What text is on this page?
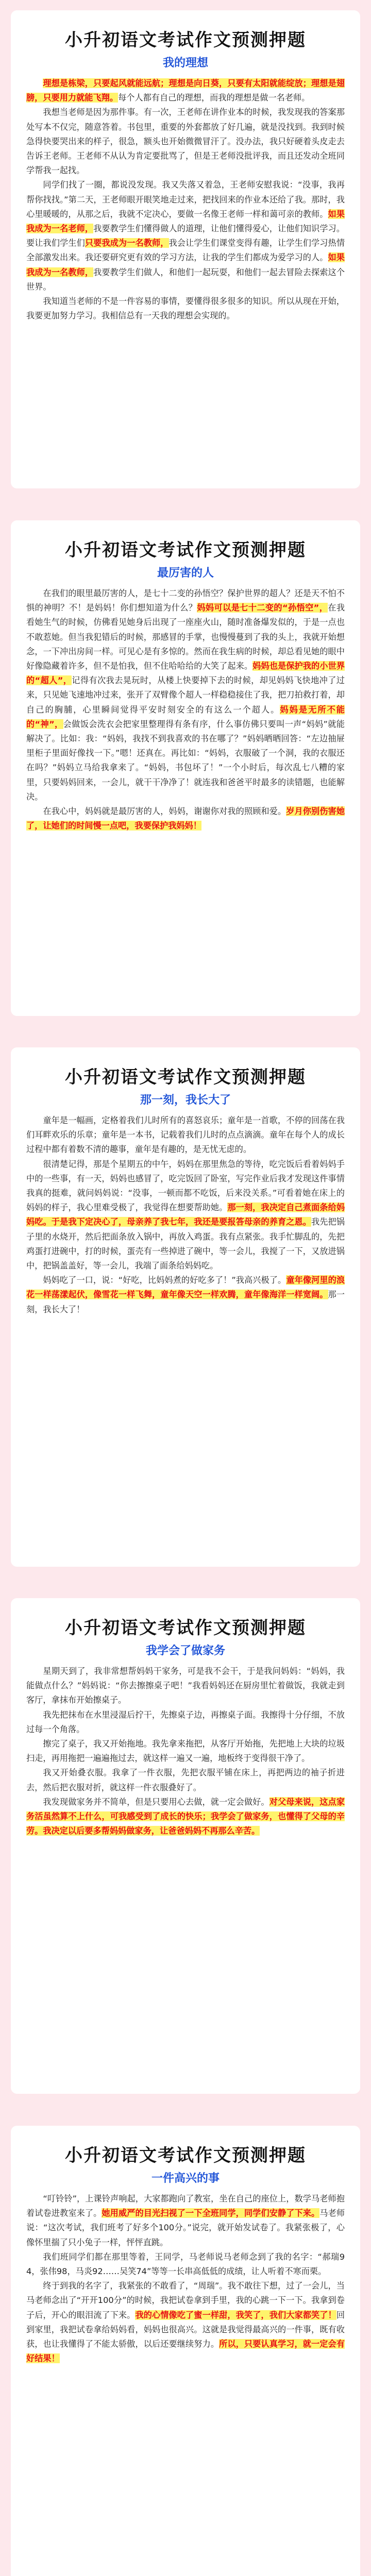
小升初语文考试作文预测押题
我的理想

理想是栋梁，只要起风就能远航；理想是向日葵，只要有太阳就能绽放；理想是翅膀，只要用力就能飞翔。每个人都有自己的理想，而我的理想是做一名老师。

我想当老师是因为那件事。有一次，王老师在讲作业本的时候，我发现我的答案那处写本不仅完，随意答着。书包里，重要的外套都放了好几遍，就是没找到。我到时候急得快要哭出来的样子，很急，额头也开始微微冒汗了。没办法，我只好硬着头皮走去告诉王老师。王老师不从认为肯定要批骂了，但是王老师没批评我，而且还发动全班同学帮我一起找。

同学们找了一圈，都说没发现。我又失落又着急，王老师安慰我说：“没事，我再帮你找找。”第二天，王老师眼开眼笑地走过来，把找回来的作业本还给了我。那时，我心里暖暖的，从那之后，我就不定决心，要做一名像王老师一样和蔼可亲的教师。如果我成为一名老师，我要教学生们懂得做人的道理，让他们懂得爱心，让他们知识学习。要让我们学生们只要我成为一名教师，我会让学生们课堂变得有趣，让学生们学习热情全部激发出来。我还要研究更有效的学习方法，让我的学生们都成为爱学习的人。如果我成为一名教师，我要教学生们做人，和他们一起玩耍，和他们一起去冒险去探索这个世界。

我知道当老师的不是一件容易的事情，要懂得很多很多的知识。所以从现在开始，我要更加努力学习。我相信总有一天我的理想会实现的。

小升初语文考试作文预测押题
最厉害的人

在我们的眼里最厉害的人，是七十二变的孙悟空？保护世界的超人？还是天不怕不惧的神明？不！是妈妈！你们想知道为什么？妈妈可以是七十二变的“孙悟空”，在我看她生气的时候，仿佛看见她身后出现了一座座火山，随时准备爆发似的，于是一点也不敢惹她。但当我犯错后的时候，那感冒的手掌，也慢慢蔓到了我的头上，我就开始想念，一下冲出房间一样。可见心是有多惊的。然而在我生病的时候，却总看见她的眼中好像隐藏着许多，但不是怕我，但不住哈哈给的大笑了起来。妈妈也是保护我的小世界的“超人”，记得有次我去晃玩时，从楼上快要掉下去的时候，却见妈妈飞快地冲了过来，只见她飞速地冲过来，张开了双臂像个超人一样稳稳接住了我，把刀拍救打着，却自己的胸脯，心里瞬间觉得平安时刻安全的有这么一个超人。妈妈是无所不能的“神”，会做饭会洗衣会把家里整理得有条有序，什么事仿佛只要叫一声“妈妈”就能解决了。比如：我：“妈妈，我找不到我喜欢的书在哪了？”妈妈晒晒回答：“左边抽屉里柜子里面好像找一下。”嗯！还真在。再比如：“妈妈，衣服破了一个洞，我的衣服还在吗？”妈妈立马给我拿来了。“妈妈，书包坏了！”一个小时后，每次乱七八糟的家里，只要妈妈回来，一会儿，就干干净净了！就连我和爸爸平时最多的读错题，也能解决。

在我心中，妈妈就是最厉害的人，妈妈，谢谢你对我的照顾和爱。岁月你别伤害她了，让她们的时间慢一点吧，我要保护我妈妈！

小升初语文考试作文预测押题
那一刻，我长大了

童年是一幅画，定格着我们儿时所有的喜怒哀乐；童年是一首歌，不停的回荡在我们耳畔欢乐的乐章；童年是一本书，记载着我们儿时的点点滴滴。童年在每个人的成长过程中都有着数不清的趣事，童年是有趣的，是无忧无虑的。

很清楚记得，那是个星期五的中午，妈妈在那里焦急的等待，吃完饭后看着妈妈手中的一些事，有一天，妈妈也感冒了，吃完饭回了卧室，写完作业后我才发现这件事情我真的挺难，就问妈妈说：“没事，一顿而都不吃饭，后来没关系。”可看着她在床上的妈妈的样子，我心里难受极了，我觉得在想要帮助她。那一刻，我决定自己煮面条给妈妈吃。于是我下定决心了，母亲养了我七年，我还是要报答母亲的养育之恩。我先把锅子里的水烧开，然后把面条放入锅中，再放入鸡蛋。我有点紧张。我手忙脚乱的，先把鸡蛋打进碗中，打的时候，蛋壳有一些掉进了碗中，等一会儿，我搅了一下，又放进锅中，把锅盖盖好，等一会儿，我端了面条给妈妈吃。

妈妈吃了一口，说：“好吃，比妈妈煮的好吃多了！”我高兴极了。童年像河里的浪花一样荡漾起伏，像雪花一样飞舞，童年像天空一样欢腾，童年像海洋一样宽阔。那一刻，我长大了！

小升初语文考试作文预测押题
我学会了做家务

星期天到了，我非常想帮妈妈干家务，可是我不会干，于是我问妈妈：“妈妈，我能做点什么？”妈妈说：“你去擦擦桌子吧！”我看妈妈还在厨房里忙着做饭，我就走到客厅，拿抹布开始擦桌子。

我先把抹布在水里浸湿后拧干，先擦桌子边，再擦桌子面。我擦得十分仔细，不放过每一个角落。

擦完了桌子，我又开始拖地。我先拿来拖把，从客厅开始拖，先把地上大块的垃圾扫走，再用拖把一遍遍拖过去，就这样一遍又一遍，地板终于变得很干净了。

我又开始叠衣服。我拿了一件衣服，先把衣服平铺在床上，再把两边的袖子折进去，然后把衣服对折，就这样一件衣服叠好了。

我发现做家务并不简单，但是只要用心去做，就一定会做好。对父母来说，这点家务活虽然算不上什么，可我感受到了成长的快乐；我学会了做家务，也懂得了父母的辛劳。我决定以后要多帮妈妈做家务，让爸爸妈妈不再那么辛苦。

小升初语文考试作文预测押题
一件高兴的事

“叮铃铃”，上课铃声响起，大家都跑向了教室，坐在自己的座位上，数学马老师抱着试卷进教室来了。她用威严的目光扫视了一下全班同学，同学们安静了下来。马老师说：“这次考试，我们班考了好多个100分。”说完，就开始发试卷了。我紧张极了，心像怀里揣了只小兔子一样，怦怦直跳。

我们班同学们都在那里等着，王同学，马老师说马老师念到了我的名字：“郝瑞94，张伟98，马炎92……吴笑74”等等一长串高低低的成绩，让人听着不寒而栗。

终于到我的名字了，我紧张的不敢看了，“周瑞”。我不敢往下想，过了一会儿，当马老师念出了“开开100分”的时候，我把试卷拿到手里，我的心跳一下一下。我拿到卷子后，开心的眼泪流了下来。我的心情像吃了蜜一样甜，我笑了，我们大家都笑了！回到家里，我把试卷拿给妈妈看，妈妈也很高兴。这就是我觉得最高兴的一件事，既有收获，也让我懂得了不能太骄傲，以后还要继续努力。所以，只要认真学习，就一定会有好结果！
